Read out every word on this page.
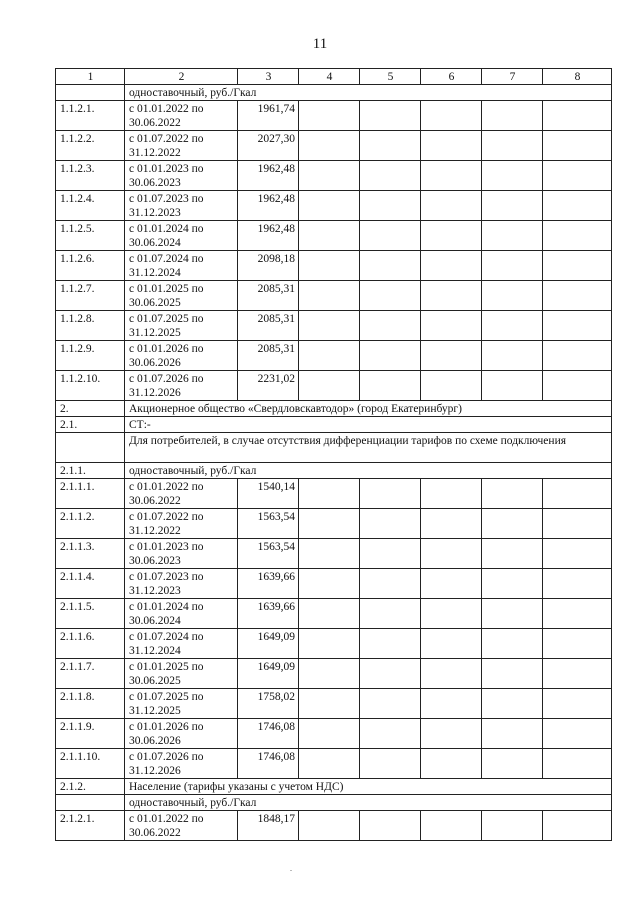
11
1	2	3	4	5	6	7	8
	одноставочный, руб./Гкал						
1.1.2.1.	с 01.01.2022 по 30.06.2022	1961,74					
1.1.2.2.	с 01.07.2022 по 31.12.2022	2027,30					
1.1.2.3.	с 01.01.2023 по 30.06.2023	1962,48					
1.1.2.4.	с 01.07.2023 по 31.12.2023	1962,48					
1.1.2.5.	с 01.01.2024 по 30.06.2024	1962,48					
1.1.2.6.	с 01.07.2024 по 31.12.2024	2098,18					
1.1.2.7.	с 01.01.2025 по 30.06.2025	2085,31					
1.1.2.8.	с 01.07.2025 по 31.12.2025	2085,31					
1.1.2.9.	с 01.01.2026 по 30.06.2026	2085,31					
1.1.2.10.	с 01.07.2026 по 31.12.2026	2231,02					
2.	Акционерное общество «Свердловскавтодор» (город Екатеринбург)						
2.1.	СТ:-						
	Для потребителей, в случае отсутствия дифференциации тарифов по схеме подключения						
2.1.1.	одноставочный, руб./Гкал						
2.1.1.1.	с 01.01.2022 по 30.06.2022	1540,14					
2.1.1.2.	с 01.07.2022 по 31.12.2022	1563,54					
2.1.1.3.	с 01.01.2023 по 30.06.2023	1563,54					
2.1.1.4.	с 01.07.2023 по 31.12.2023	1639,66					
2.1.1.5.	с 01.01.2024 по 30.06.2024	1639,66					
2.1.1.6.	с 01.07.2024 по 31.12.2024	1649,09					
2.1.1.7.	с 01.01.2025 по 30.06.2025	1649,09					
2.1.1.8.	с 01.07.2025 по 31.12.2025	1758,02					
2.1.1.9.	с 01.01.2026 по 30.06.2026	1746,08					
2.1.1.10.	с 01.07.2026 по 31.12.2026	1746,08					
2.1.2.	Население (тарифы указаны с учетом НДС)						
	одноставочный, руб./Гкал						
2.1.2.1.	с 01.01.2022 по 30.06.2022	1848,17					
